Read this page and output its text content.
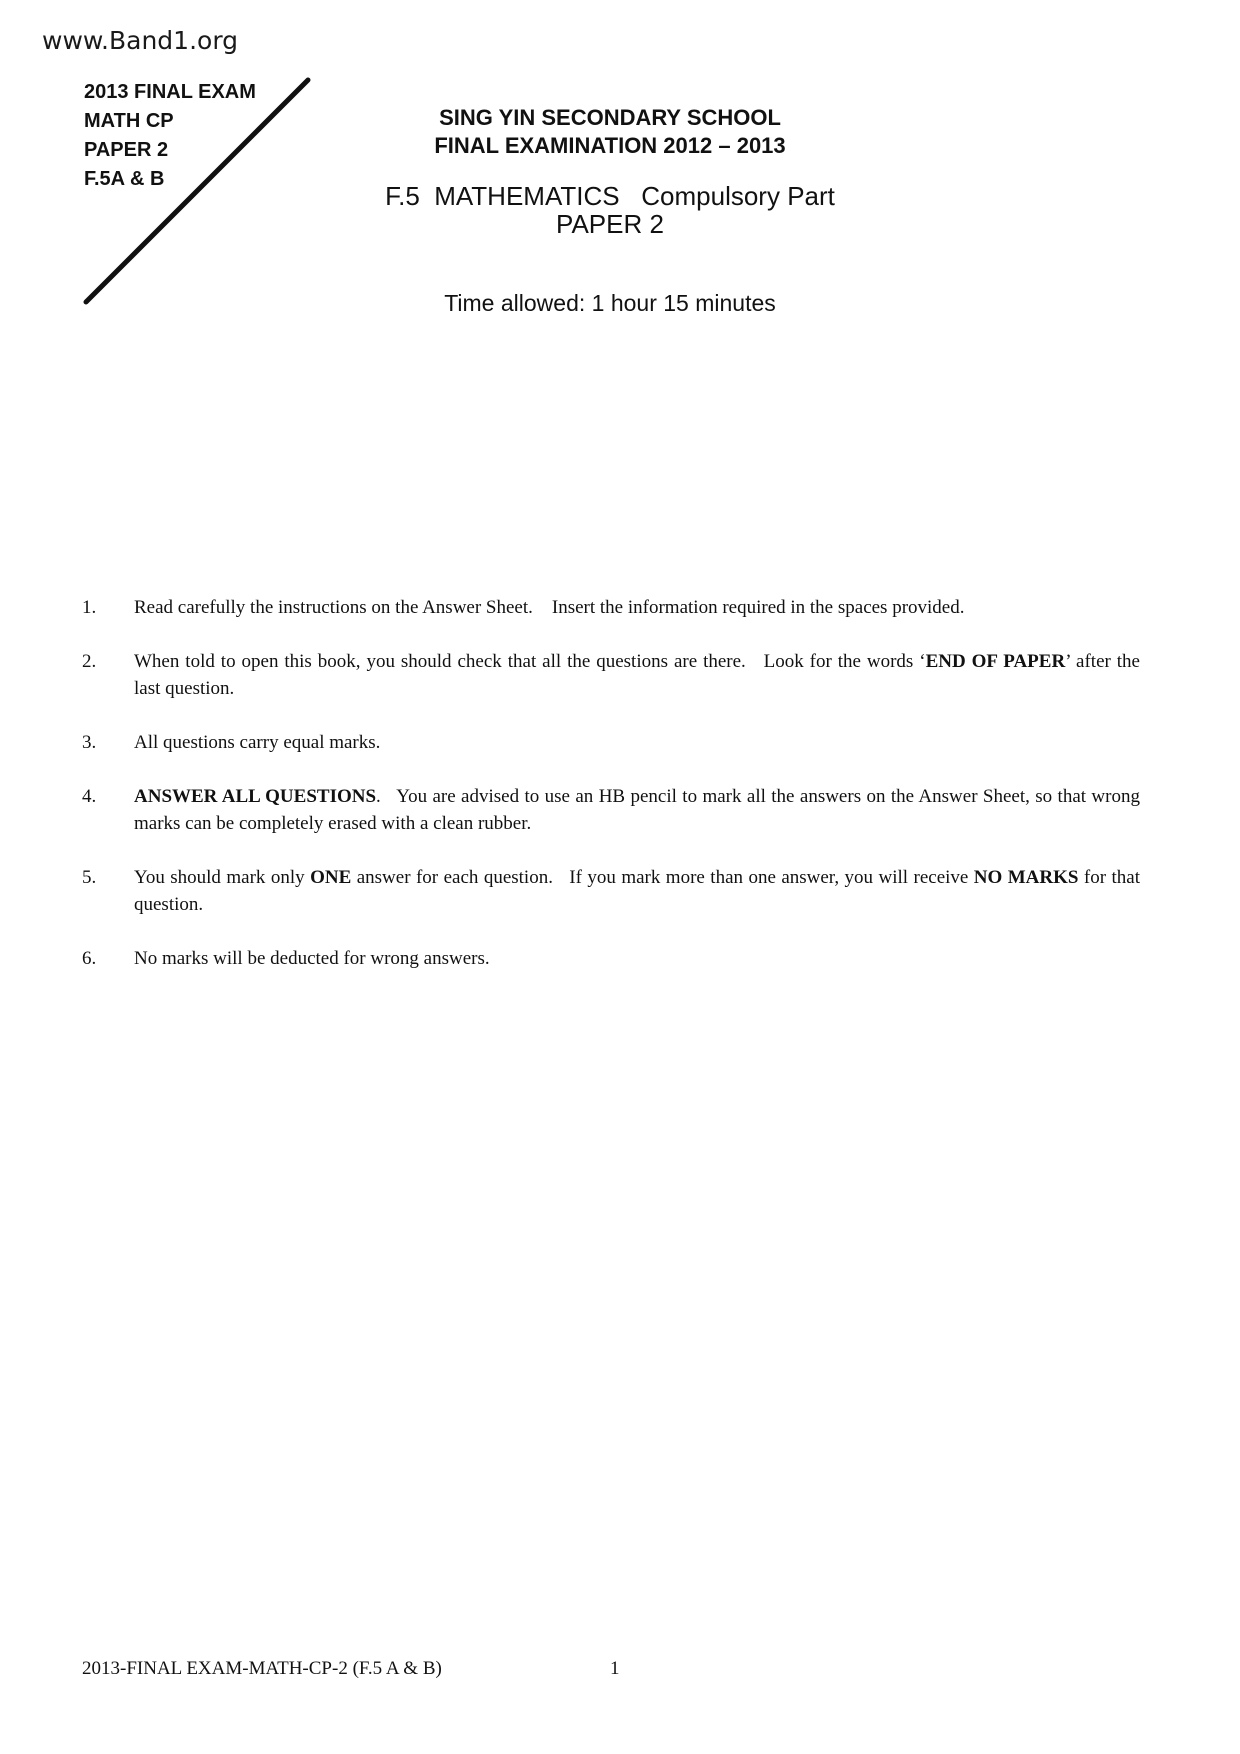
www.Band1.org
2013 FINAL EXAM
MATH CP
PAPER 2
F.5A & B
SING YIN SECONDARY SCHOOL
FINAL EXAMINATION 2012 – 2013
F.5  MATHEMATICS   Compulsory Part
PAPER 2
Time allowed: 1 hour 15 minutes
1.	Read carefully the instructions on the Answer Sheet.    Insert the information required in the spaces provided.
2.	When told to open this book, you should check that all the questions are there.   Look for the words ‘END OF PAPER’ after the last question.
3.	All questions carry equal marks.
4.	ANSWER ALL QUESTIONS.   You are advised to use an HB pencil to mark all the answers on the Answer Sheet, so that wrong marks can be completely erased with a clean rubber.
5.	You should mark only ONE answer for each question.   If you mark more than one answer, you will receive NO MARKS for that question.
6.	No marks will be deducted for wrong answers.
2013-FINAL EXAM-MATH-CP-2 (F.5 A & B)	1
